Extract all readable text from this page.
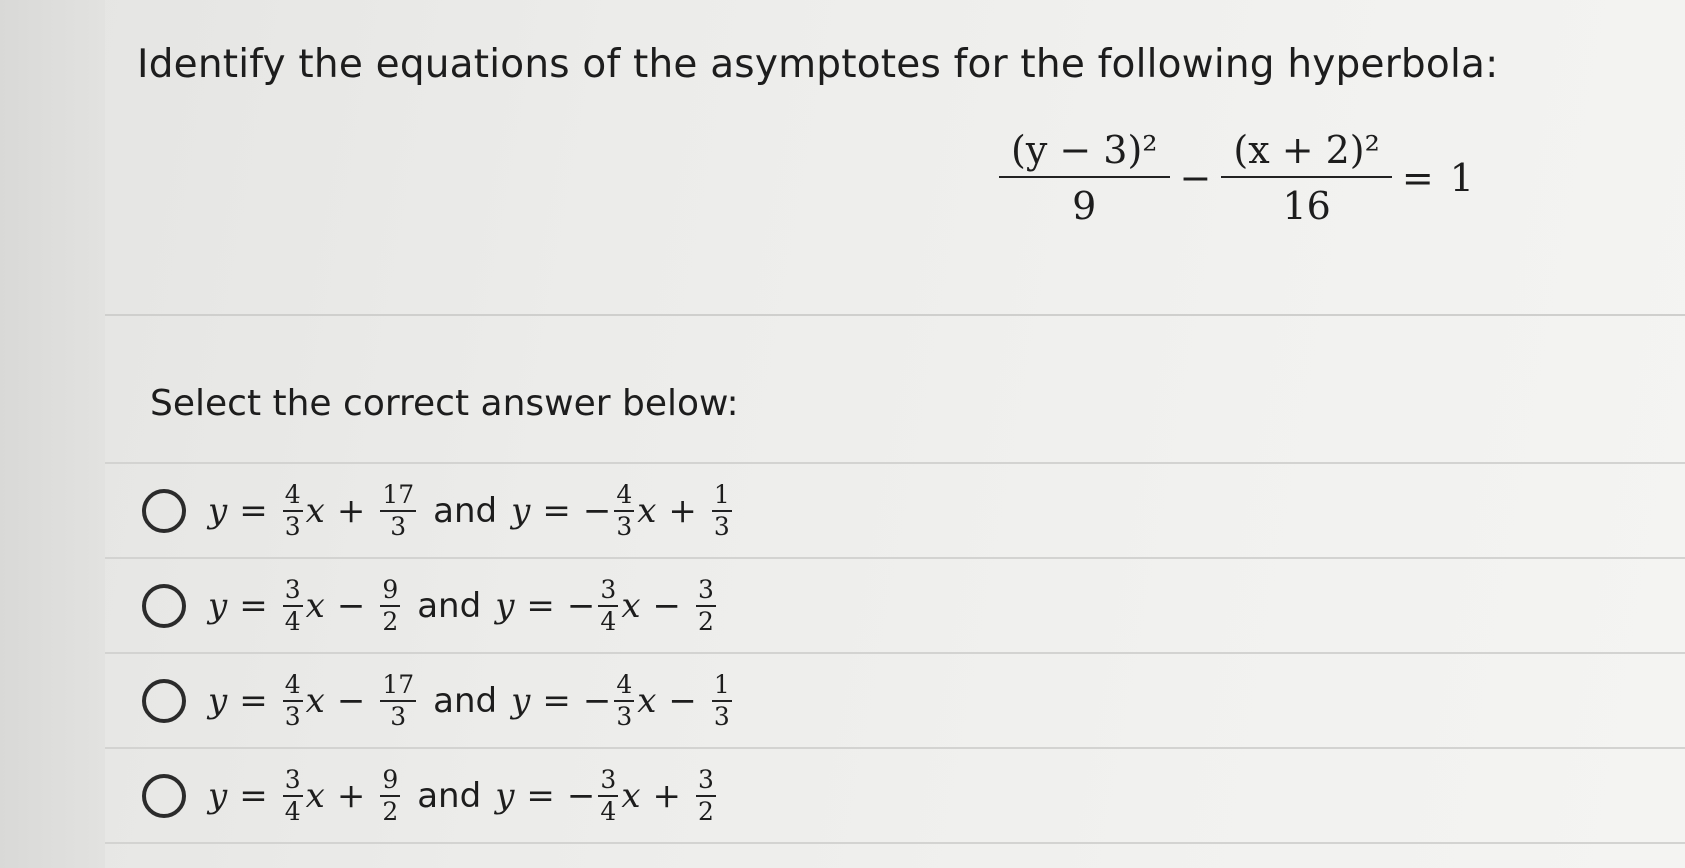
Identify the equations of the asymptotes for the following hyperbola:
$\frac{\text{(y − 3)²}}{9} - \frac{\text{(x + 2)²}}{16} = 1$
Select the correct answer below:
$y = \frac{4}{3}$ $x + \frac{17}{3}$ and y = − $\frac{4}{3}$ $x + \frac{1}{3}$
$y = \frac{3}{4}$ $x - \frac{9}{2}$ and y = − $\frac{3}{4}$ $x - \frac{3}{2}$
$y = \frac{4}{3}$ $x - \frac{17}{3}$ and y = − $\frac{4}{3}$ $x - \frac{1}{3}$
$y = \frac{3}{4}$ $x + \frac{9}{2}$ and y = − $\frac{3}{4}$ $x + \frac{3}{2}$
